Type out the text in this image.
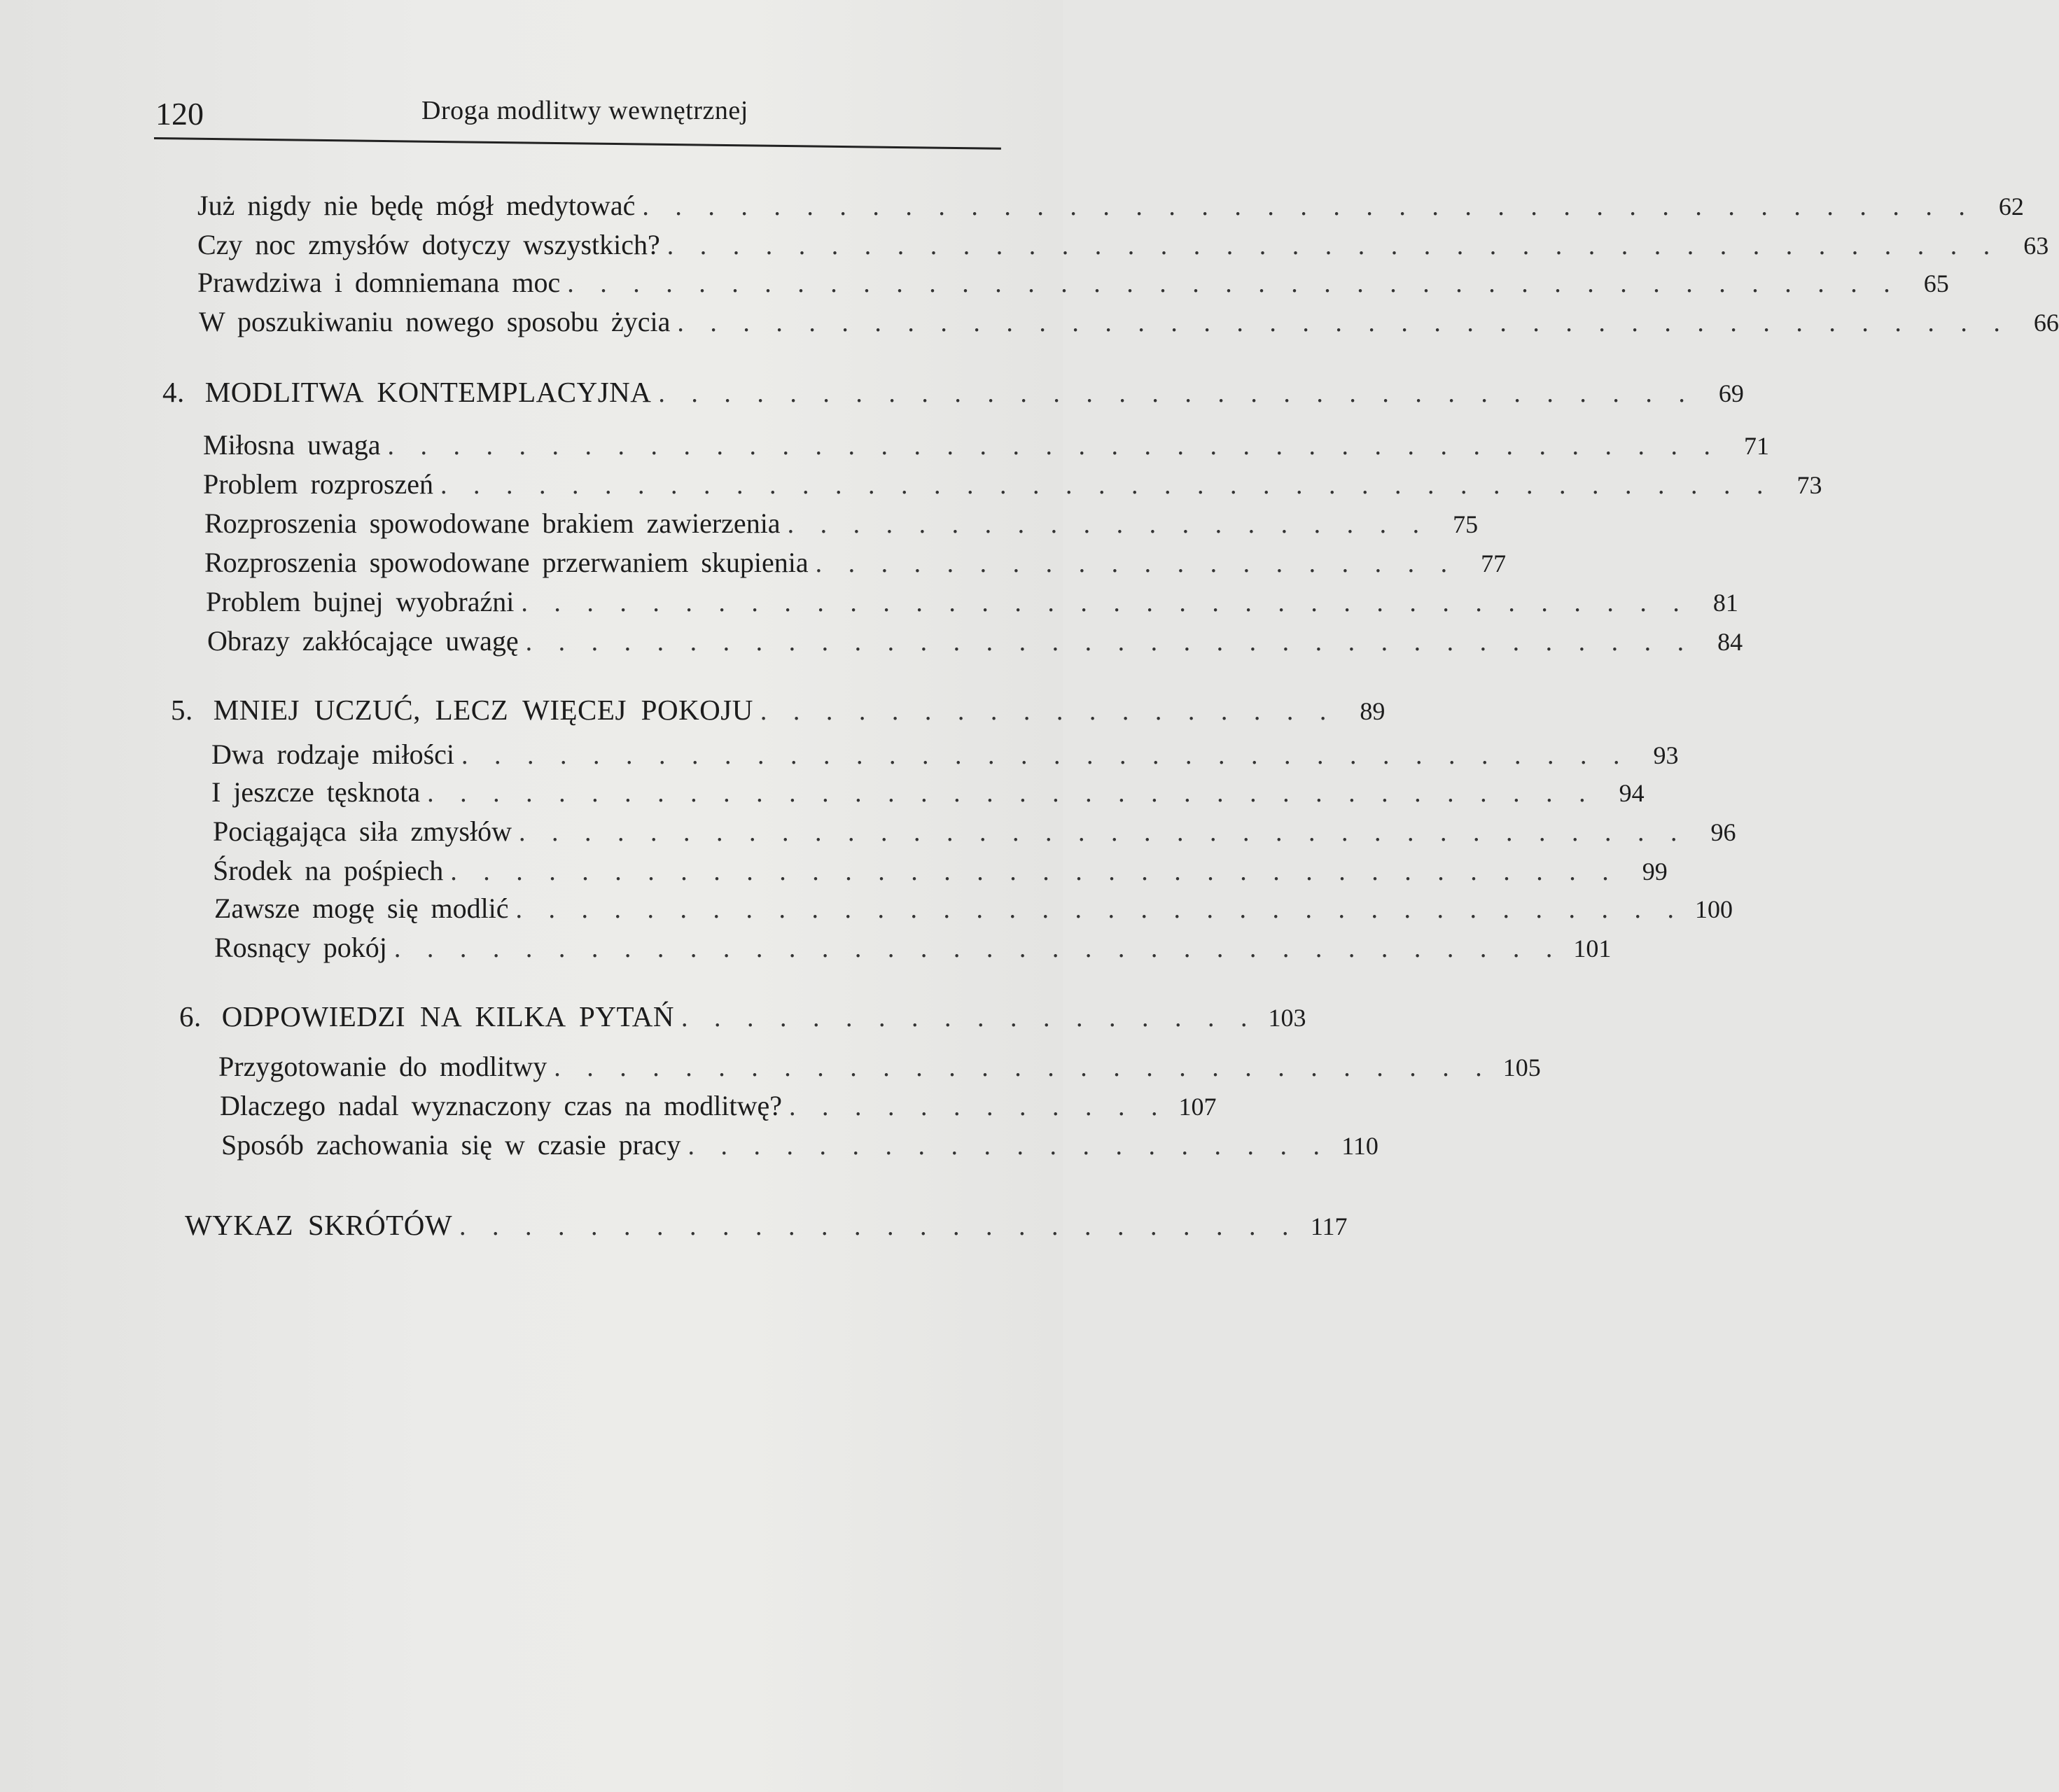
120	Droga modlitwy wewnętrznej
Już nigdy nie będę mógł medytować . . . . . . . . . . . . . . . . . . . . . . . . . . . . . . . . . . . . . . . . . 62
Czy noc zmysłów dotyczy wszystkich? . . . . . . . . . . . . . . . . . . . . . . . . . . . . . . . . . . . . . . . . . 63
Prawdziwa i domniemana moc . . . . . . . . . . . . . . . . . . . . . . . . . . . . . . . . . . . . . . . . . 65
W poszukiwaniu nowego sposobu życia . . . . . . . . . . . . . . . . . . . . . . . . . . . . . . . . . . . . . . . . . 66
4. MODLITWA KONTEMPLACYJNA . . . . . . . . . . . . . . . . . . . . . . . . . . . . . . . . 69
Miłosna uwaga . . . . . . . . . . . . . . . . . . . . . . . . . . . . . . . . . . . . . . . . . 71
Problem rozproszeń . . . . . . . . . . . . . . . . . . . . . . . . . . . . . . . . . . . . . . . . . 73
Rozproszenia spowodowane brakiem zawierzenia . . . . . . . . . . . . . . . . . . . . 75
Rozproszenia spowodowane przerwaniem skupienia . . . . . . . . . . . . . . . . . . . . 77
Problem bujnej wyobraźni . . . . . . . . . . . . . . . . . . . . . . . . . . . . . . . . . . . . 81
Obrazy zakłócające uwagę . . . . . . . . . . . . . . . . . . . . . . . . . . . . . . . . . . . . 84
5. MNIEJ UCZUĆ, LECZ WIĘCEJ POKOJU . . . . . . . . . . . . . . . . . . 89
Dwa rodzaje miłości . . . . . . . . . . . . . . . . . . . . . . . . . . . . . . . . . . . . 93
I jeszcze tęsknota . . . . . . . . . . . . . . . . . . . . . . . . . . . . . . . . . . . . 94
Pociągająca siła zmysłów . . . . . . . . . . . . . . . . . . . . . . . . . . . . . . . . . . . . 96
Środek na pośpiech . . . . . . . . . . . . . . . . . . . . . . . . . . . . . . . . . . . . 99
Zawsze mogę się modlić . . . . . . . . . . . . . . . . . . . . . . . . . . . . . . . . . . . . 100
Rosnący pokój . . . . . . . . . . . . . . . . . . . . . . . . . . . . . . . . . . . . 101
6. ODPOWIEDZI NA KILKA PYTAŃ . . . . . . . . . . . . . . . . . . 103
Przygotowanie do modlitwy . . . . . . . . . . . . . . . . . . . . . . . . . . . . . 105
Dlaczego nadal wyznaczony czas na modlitwę? . . . . . . . . . . . . 107
Sposób zachowania się w czasie pracy . . . . . . . . . . . . . . . . . . . . 110
WYKAZ SKRÓTÓW . . . . . . . . . . . . . . . . . . . . . . . . . . 117
